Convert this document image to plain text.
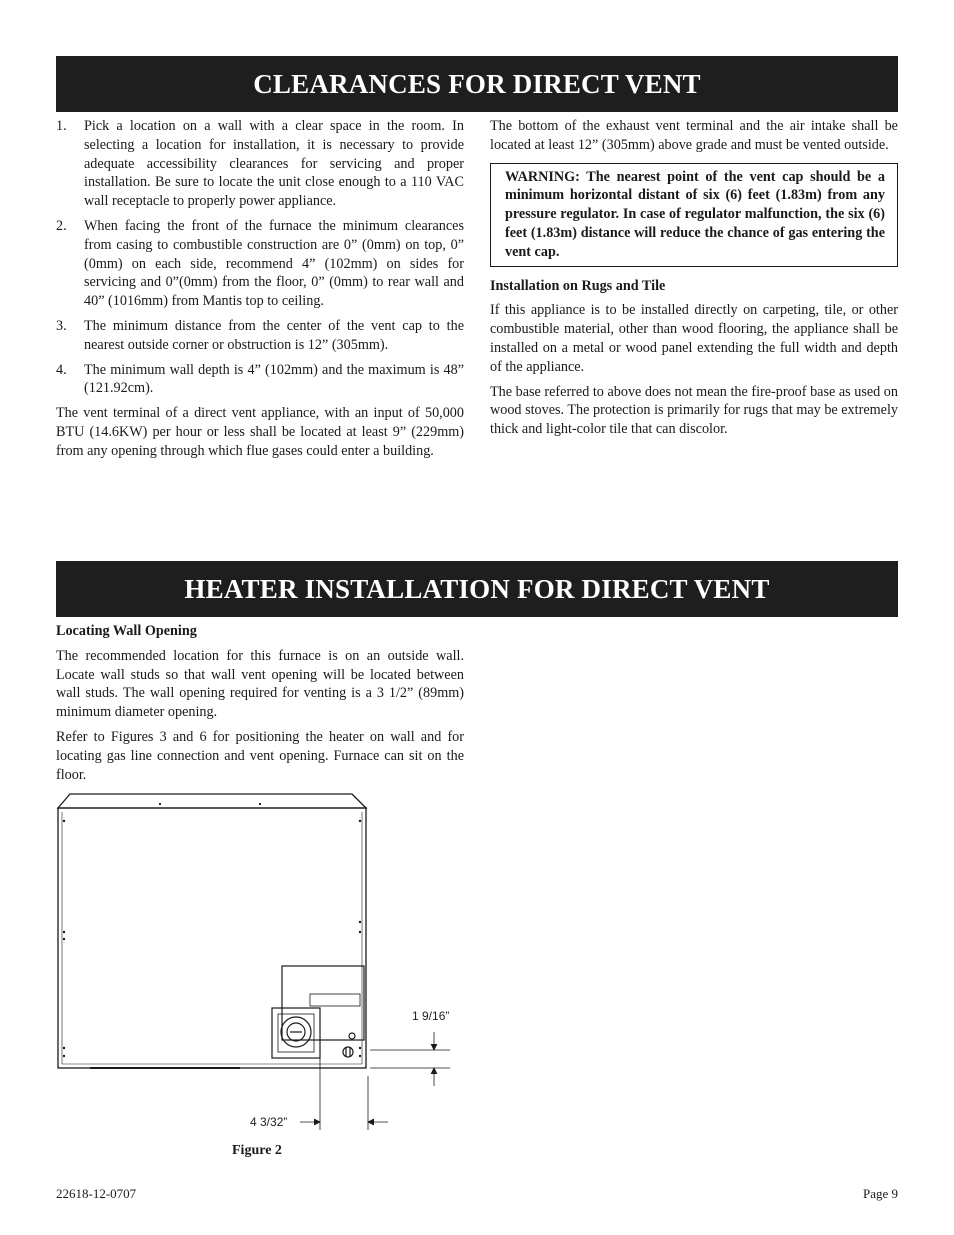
CLEARANCES FOR DIRECT VENT
1. Pick a location on a wall with a clear space in the room. In selecting a location for installation, it is necessary to provide adequate accessibility clearances for servicing and proper installation. Be sure to locate the unit close enough to a 110 VAC wall receptacle to properly power appliance.
2. When facing the front of the furnace the minimum clearances from casing to combustible construction are 0” (0mm) on top, 0” (0mm) on each side, recommend 4” (102mm) on sides for servicing and 0”(0mm) from the floor, 0” (0mm) to rear wall and 40” (1016mm) from Mantis top to ceiling.
3. The minimum distance from the center of the vent cap to the nearest outside corner or obstruction is 12” (305mm).
4. The minimum wall depth is 4” (102mm) and the maximum is 48” (121.92cm).

The vent terminal of a direct vent appliance, with an input of 50,000 BTU (14.6KW) per hour or less shall be located at least 9” (229mm) from any opening through which flue gases could enter a building.

The bottom of the exhaust vent terminal and the air intake shall be located at least 12” (305mm) above grade and must be vented outside.

WARNING: The nearest point of the vent cap should be a minimum horizontal distant of six (6) feet (1.83m) from any pressure regulator. In case of regulator malfunction, the six (6) feet (1.83m) distance will reduce the chance of gas entering the vent cap.

Installation on Rugs and Tile

If this appliance is to be installed directly on carpeting, tile, or other combustible material, other than wood flooring, the appliance shall be installed on a metal or wood panel extending the full width and depth of the appliance.

The base referred to above does not mean the fire-proof base as used on wood stoves. The protection is primarily for rugs that may be extremely thick and light-color tile that can discolor.

HEATER INSTALLATION FOR DIRECT VENT

Locating Wall Opening

The recommended location for this furnace is on an outside wall. Locate wall studs so that wall vent opening will be located between wall studs. The wall opening required for venting is a 3 1/2” (89mm) minimum diameter opening.

Refer to Figures 3 and 6 for positioning the heater on wall and for locating gas line connection and vent opening. Furnace can sit on the floor.

1 9/16”
4 3/32”
Figure 2
22618-12-0707	Page 9
